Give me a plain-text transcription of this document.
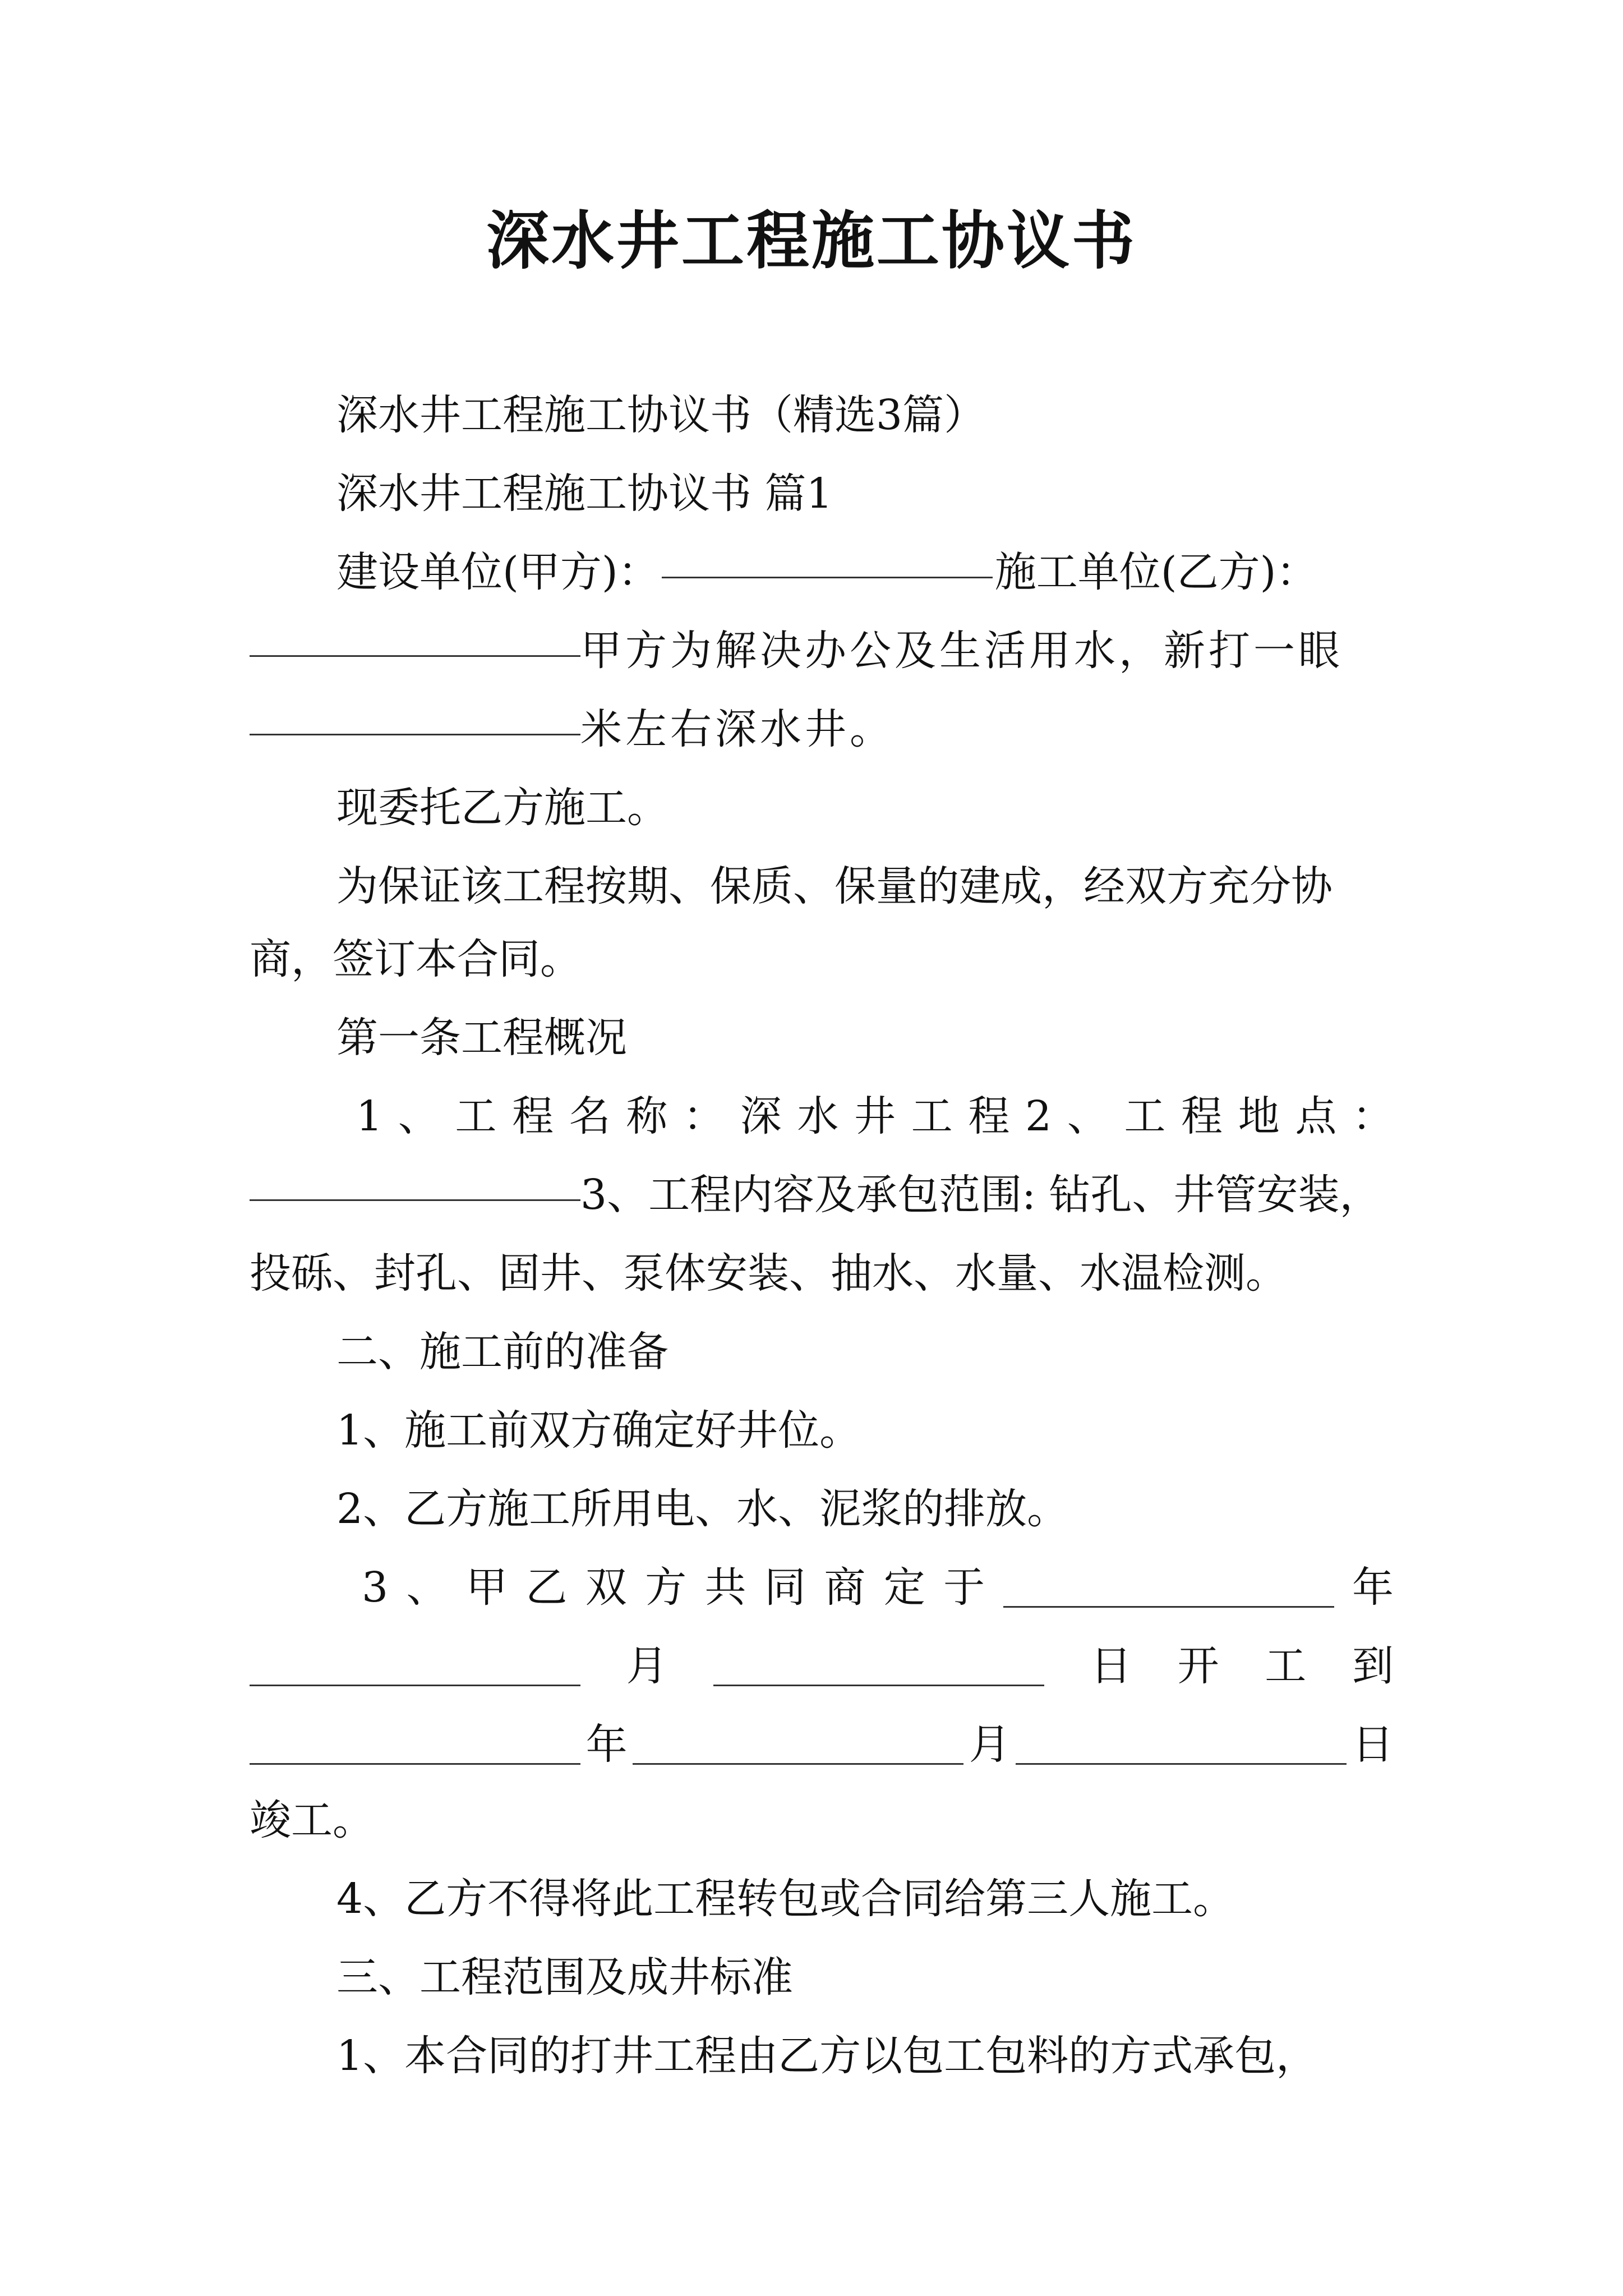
深水井工程施工协议书
深水井工程施工协议书（精选3篇）
深水井工程施工协议书 篇1
建设单位(甲方)：	施工单位(乙方)：
甲方为解决办公及生活用水，新打一眼
米左右深水井。
现委托乙方施工。
为保证该工程按期、保质、保量的建成，经双方充分协
商，签订本合同。
第一条工程概况
1 、 工 程 名 称 ： 深 水 井 工 程 2 、 工 程 地 点 ：
3、工程内容及承包范围: 钻孔、井管安装，
投砾、封孔、固井、泵体安装、抽水、水量、水温检测。
二、施工前的准备
1、施工前双方确定好井位。
2、乙方施工所用电、水、泥浆的排放。
3 、 甲 乙 双 方 共 同 商 定 于	年
月	日 开 工 到
年	月	日
竣工。
4、乙方不得将此工程转包或合同给第三人施工。
三、工程范围及成井标准
1、本合同的打井工程由乙方以包工包料的方式承包，
